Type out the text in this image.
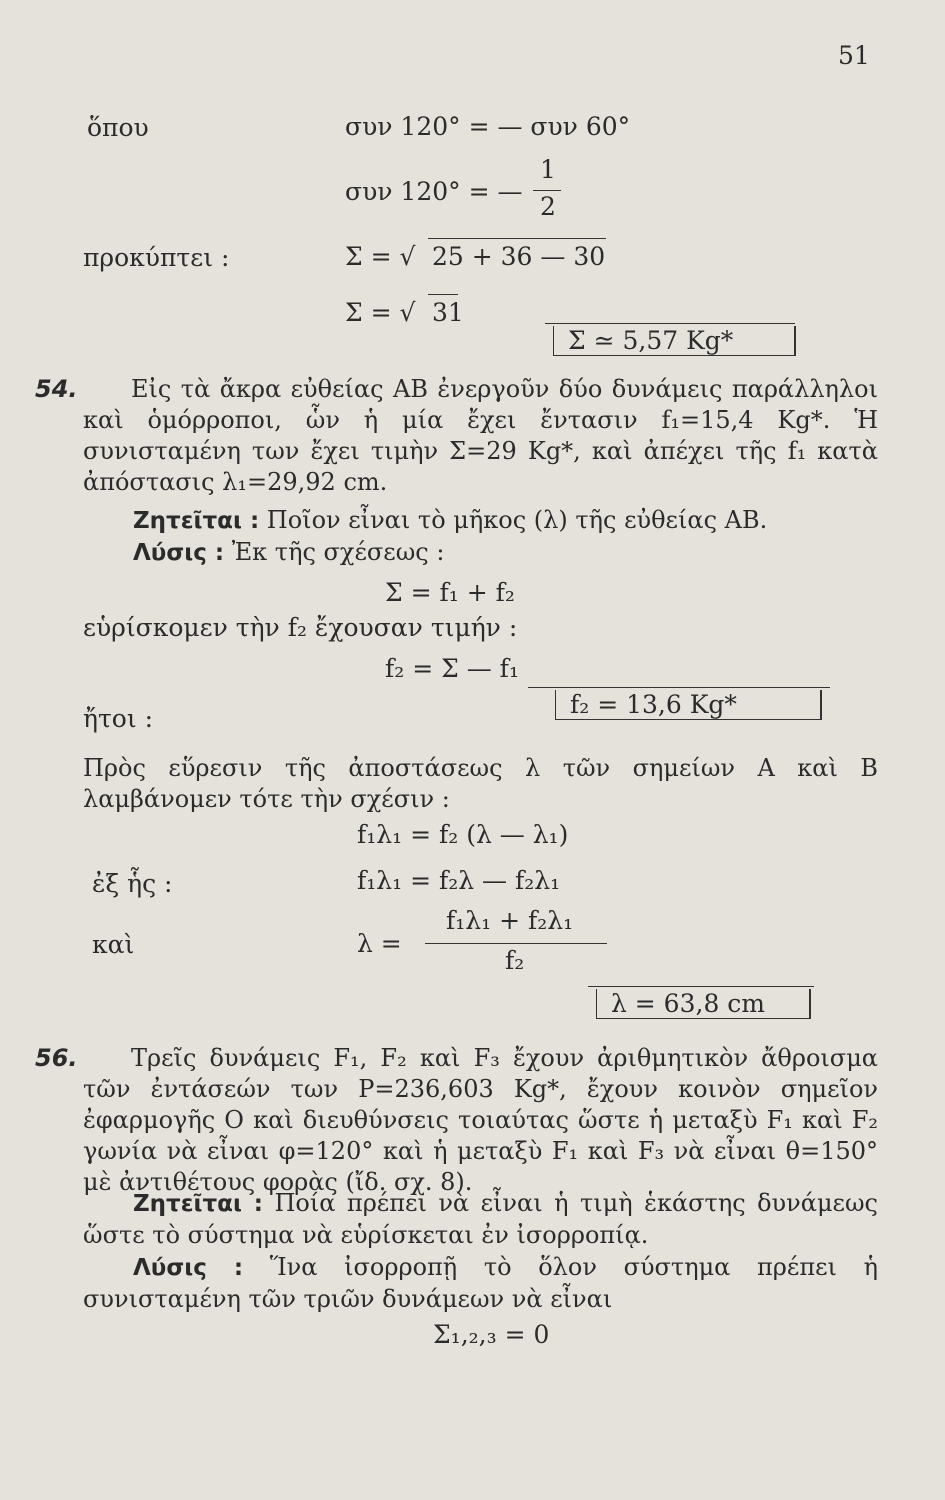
51
ὅπου	συν 120° = — συν 60°
συν 120° = —
1
2
προκύπτει :	Σ = √ 25 + 36 — 30
Σ = √ 31
Σ ≃ 5,57 Kg*
54. Εἰς τὰ ἄκρα εὐθείας ΑΒ ἐνεργοῦν δύο δυνάμεις παράλληλοι καὶ ὁμόρροποι, ὧν ἡ μία ἔχει ἔντασιν f₁=15,4 Kg*. Ἡ συνισταμένη των ἔχει τιμὴν Σ=29 Kg*, καὶ ἀπέχει τῆς f₁ κατὰ ἀπόστασις λ₁=29,92 cm.
Ζητεῖται : Ποῖον εἶναι τὸ μῆκος (λ) τῆς εὐθείας ΑΒ.
Λύσις : Ἐκ τῆς σχέσεως :
Σ = f₁ + f₂
εὑρίσκομεν τὴν f₂ ἔχουσαν τιμήν :
f₂ = Σ — f₁
ἤτοι :	f₂ = 13,6 Kg*
Πρὸς εὕρεσιν τῆς ἀποστάσεως λ τῶν σημείων Α καὶ Β λαμβάνομεν τότε τὴν σχέσιν :
f₁λ₁ = f₂ (λ — λ₁)
ἐξ ἧς :	f₁λ₁ = f₂λ — f₂λ₁
καὶ	λ =
f₁λ₁ + f₂λ₁
f₂
λ = 63,8 cm
56. Τρεῖς δυνάμεις F₁, F₂ καὶ F₃ ἔχουν ἀριθμητικὸν ἄθροισμα τῶν ἐντάσεών των P=236,603 Kg*, ἔχουν κοινὸν σημεῖον ἐφαρμογῆς Ο καὶ διευθύνσεις τοιαύτας ὥστε ἡ μεταξὺ F₁ καὶ F₂ γωνία νὰ εἶναι φ=120° καὶ ἡ μεταξὺ F₁ καὶ F₃ νὰ εἶναι θ=150° μὲ ἀντιθέτους φορὰς (ἴδ. σχ. 8).
Ζητεῖται : Ποία πρέπει νὰ εἶναι ἡ τιμὴ ἑκάστης δυνάμεως ὥστε τὸ σύστημα νὰ εὑρίσκεται ἐν ἰσορροπίᾳ.
Λύσις : Ἵνα ἰσορροπῇ τὸ ὅλον σύστημα πρέπει ἡ συνισταμένη τῶν τριῶν δυνάμεων νὰ εἶναι
Σ₁,₂,₃ = 0
